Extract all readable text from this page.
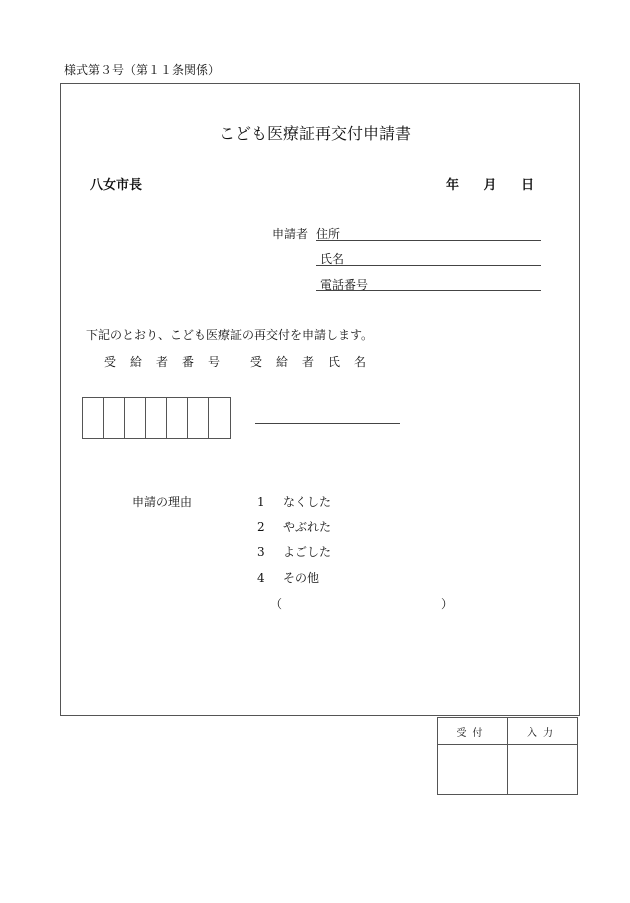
様式第３号（第１１条関係）
こども医療証再交付申請書
八女市長	年 月 日
申請者 住所
氏名
電話番号
下記のとおり、こども医療証の再交付を申請します。
受給者番号 受給者氏名
申請の理由	1 なくした
2 やぶれた
3 よごした
4 その他
（	）
受付	入力
